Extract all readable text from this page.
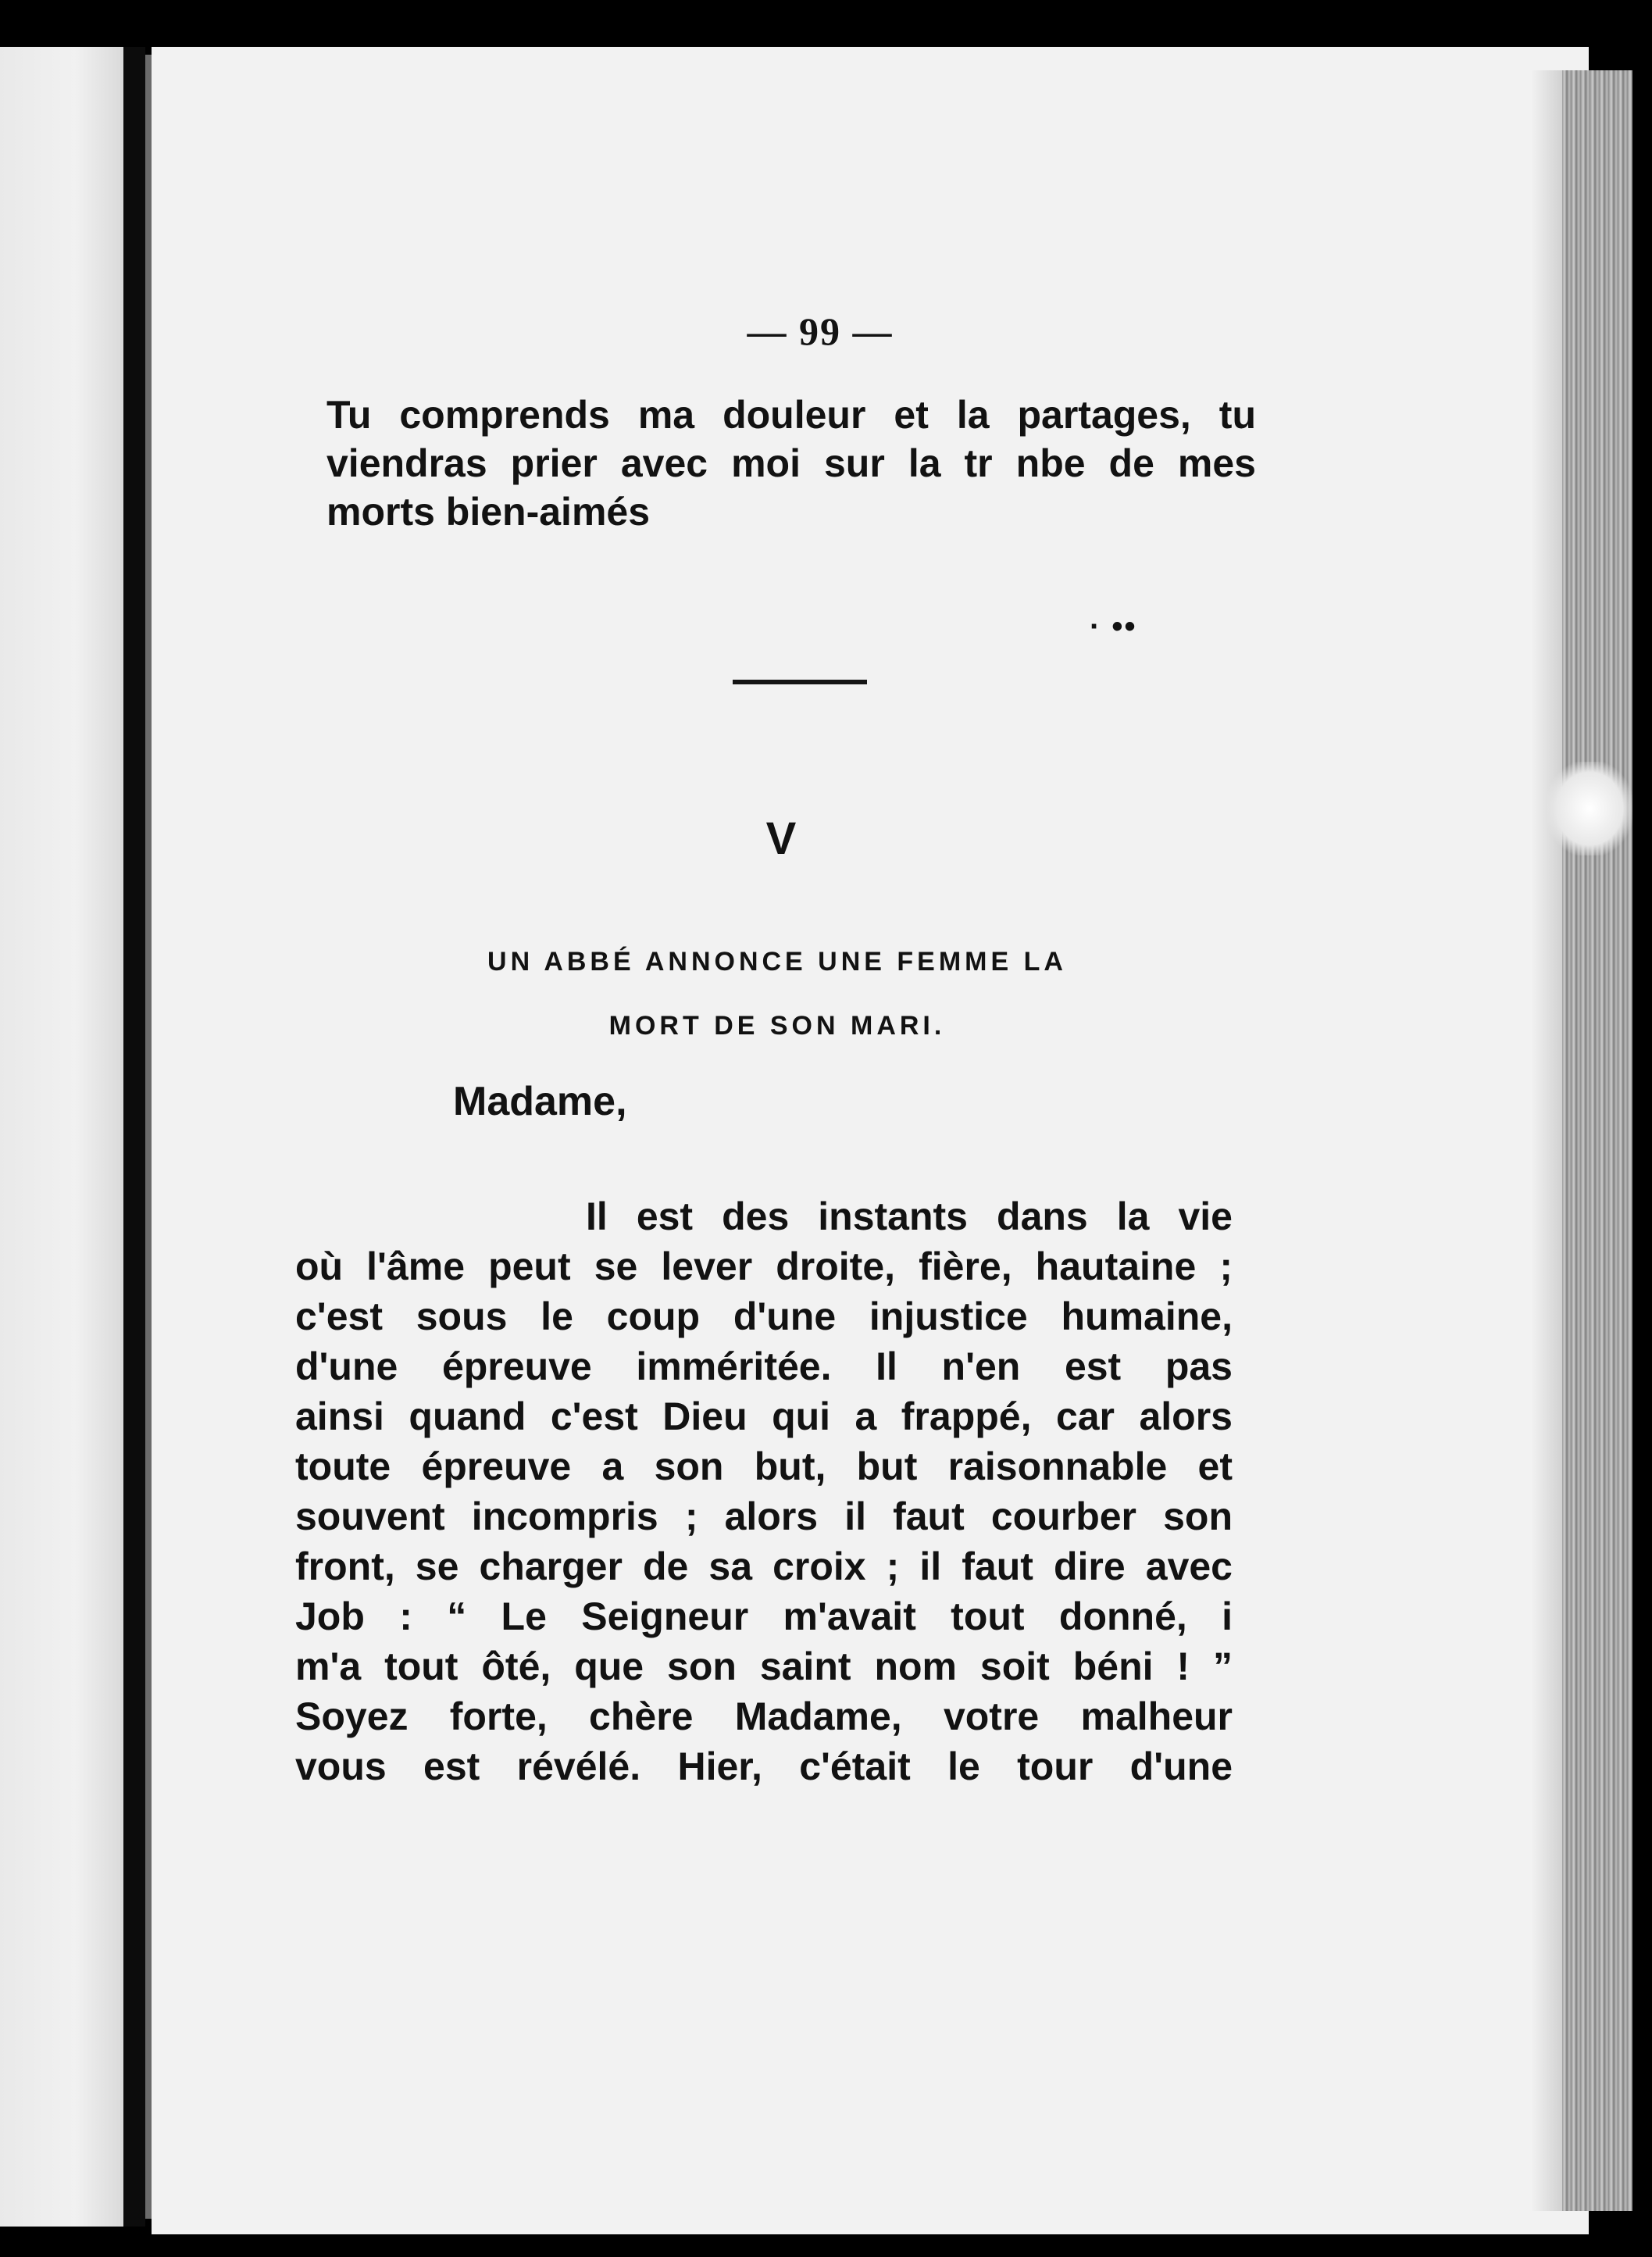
— 99 —
Tu comprends ma douleur et la partages, tu
viendras prier avec moi sur la tr nbe de mes
morts bien-aimés
· ••
V
UN ABBÉ ANNONCE UNE FEMME LA
MORT DE SON MARI.
Madame,
Il est des instants dans la vie
où l'âme peut se lever droite, fière, hautaine ;
c'est sous le coup d'une injustice humaine,
d'une épreuve imméritée. Il n'en est pas
ainsi quand c'est Dieu qui a frappé, car alors
toute épreuve a son but, but raisonnable et
souvent incompris ; alors il faut courber son
front, se charger de sa croix ; il faut dire avec
Job : “ Le Seigneur m'avait tout donné, i
m'a tout ôté, que son saint nom soit béni ! ”
Soyez forte, chère Madame, votre malheur
vous est révélé. Hier, c'était le tour d'une
